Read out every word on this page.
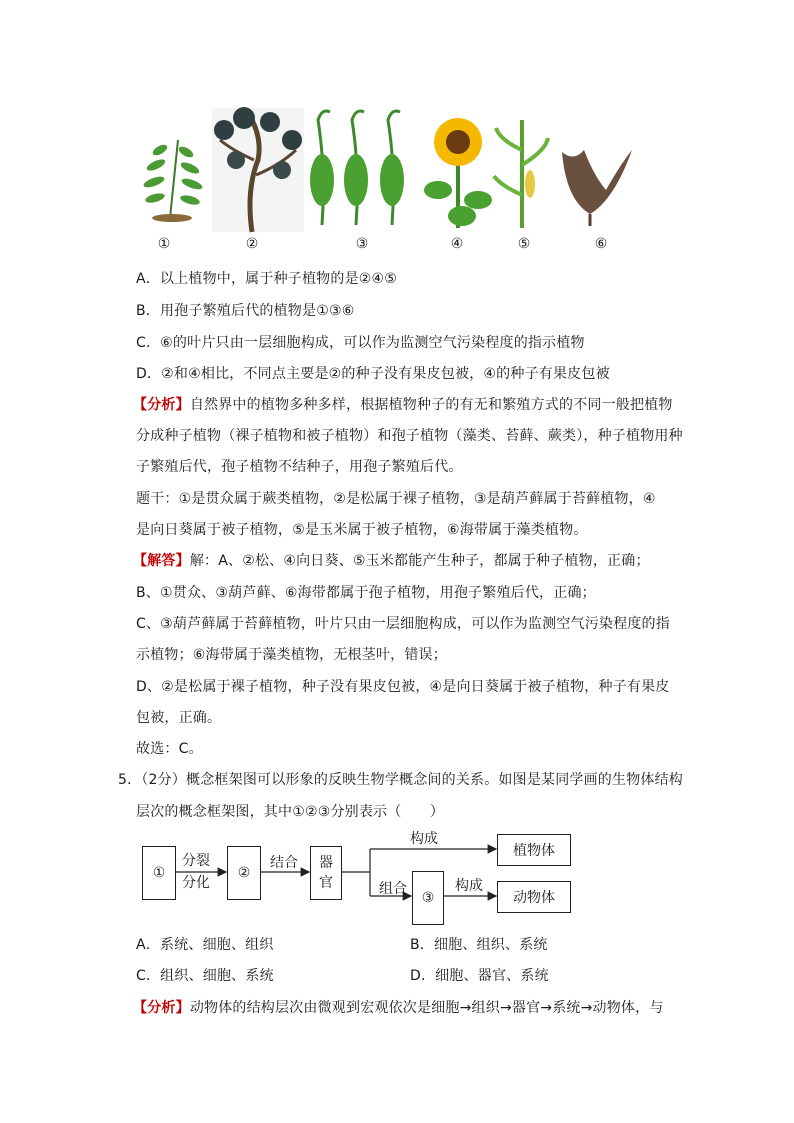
①	②	③	④	⑤	⑥
A．以上植物中，属于种子植物的是②④⑤
B．用孢子繁殖后代的植物是①③⑥
C．⑥的叶片只由一层细胞构成，可以作为监测空气污染程度的指示植物
D．②和④相比，不同点主要是②的种子没有果皮包被，④的种子有果皮包被
【分析】自然界中的植物多种多样，根据植物种子的有无和繁殖方式的不同一般把植物
分成种子植物（裸子植物和被子植物）和孢子植物（藻类、苔藓、蕨类），种子植物用种
子繁殖后代，孢子植物不结种子，用孢子繁殖后代。
题干：①是贯众属于蕨类植物，②是松属于裸子植物，③是葫芦藓属于苔藓植物，④
是向日葵属于被子植物，⑤是玉米属于被子植物，⑥海带属于藻类植物。
【解答】解：A、②松、④向日葵、⑤玉米都能产生种子，都属于种子植物，正确；
B、①贯众、③葫芦藓、⑥海带都属于孢子植物，用孢子繁殖后代，正确；
C、③葫芦藓属于苔藓植物，叶片只由一层细胞构成，可以作为监测空气污染程度的指
示植物；⑥海带属于藻类植物，无根茎叶，错误；
D、②是松属于裸子植物，种子没有果皮包被，④是向日葵属于被子植物，种子有果皮
包被，正确。
故选：C。
5．（2分）概念框架图可以形象的反映生物学概念间的关系。如图是某同学画的生物体结构
层次的概念框架图，其中①②③分别表示（　　）
①
分裂
分化
②
结合 器
官
构成
植物体
组合
③
构成
动物体
A．系统、细胞、组织	B．细胞、组织、系统
C．组织、细胞、系统	D．细胞、器官、系统
【分析】动物体的结构层次由微观到宏观依次是细胞→组织→器官→系统→动物体，与
